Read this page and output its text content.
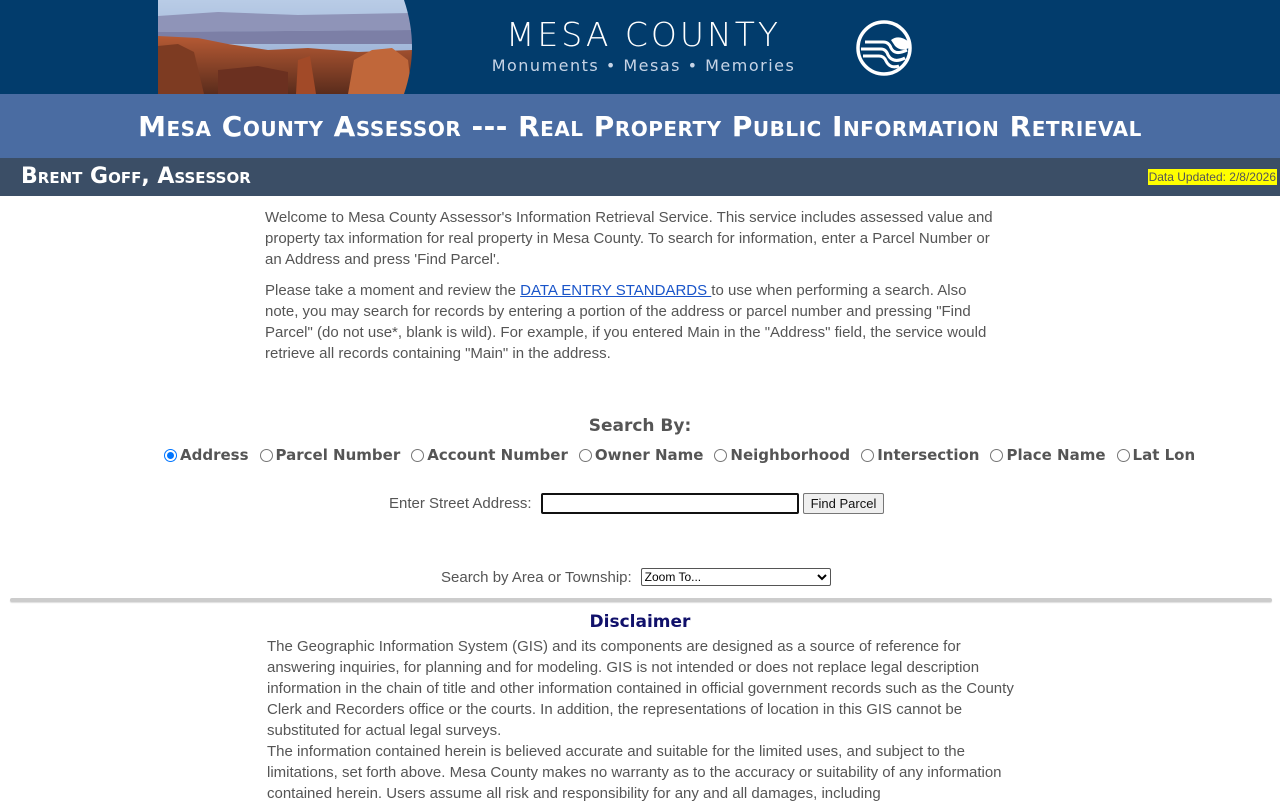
MESA COUNTY
Monuments • Mesas • Memories
Mesa County Assessor --- Real Property Public Information Retrieval
Brent Goff, Assessor	Data Updated: 2/8/2026

Welcome to Mesa County Assessor's Information Retrieval Service. This service includes assessed value and property tax information for real property in Mesa County. To search for information, enter a Parcel Number or an Address and press 'Find Parcel'.

Please take a moment and review the DATA ENTRY STANDARDS to use when performing a search. Also note, you may search for records by entering a portion of the address or parcel number and pressing "Find Parcel" (do not use*, blank is wild). For example, if you entered Main in the "Address" field, the service would retrieve all records containing "Main" in the address.

Search By:
Address Parcel Number Account Number Owner Name Neighborhood Intersection Place Name Lat Lon
Enter Street Address:	Find Parcel
Search by Area or Township: Zoom To...
Disclaimer

The Geographic Information System (GIS) and its components are designed as a source of reference for answering inquiries, for planning and for modeling. GIS is not intended or does not replace legal description information in the chain of title and other information contained in official government records such as the County Clerk and Recorders office or the courts. In addition, the representations of location in this GIS cannot be substituted for actual legal surveys.

The information contained herein is believed accurate and suitable for the limited uses, and subject to the limitations, set forth above. Mesa County makes no warranty as to the accuracy or suitability of any information contained herein. Users assume all risk and responsibility for any and all damages, including
